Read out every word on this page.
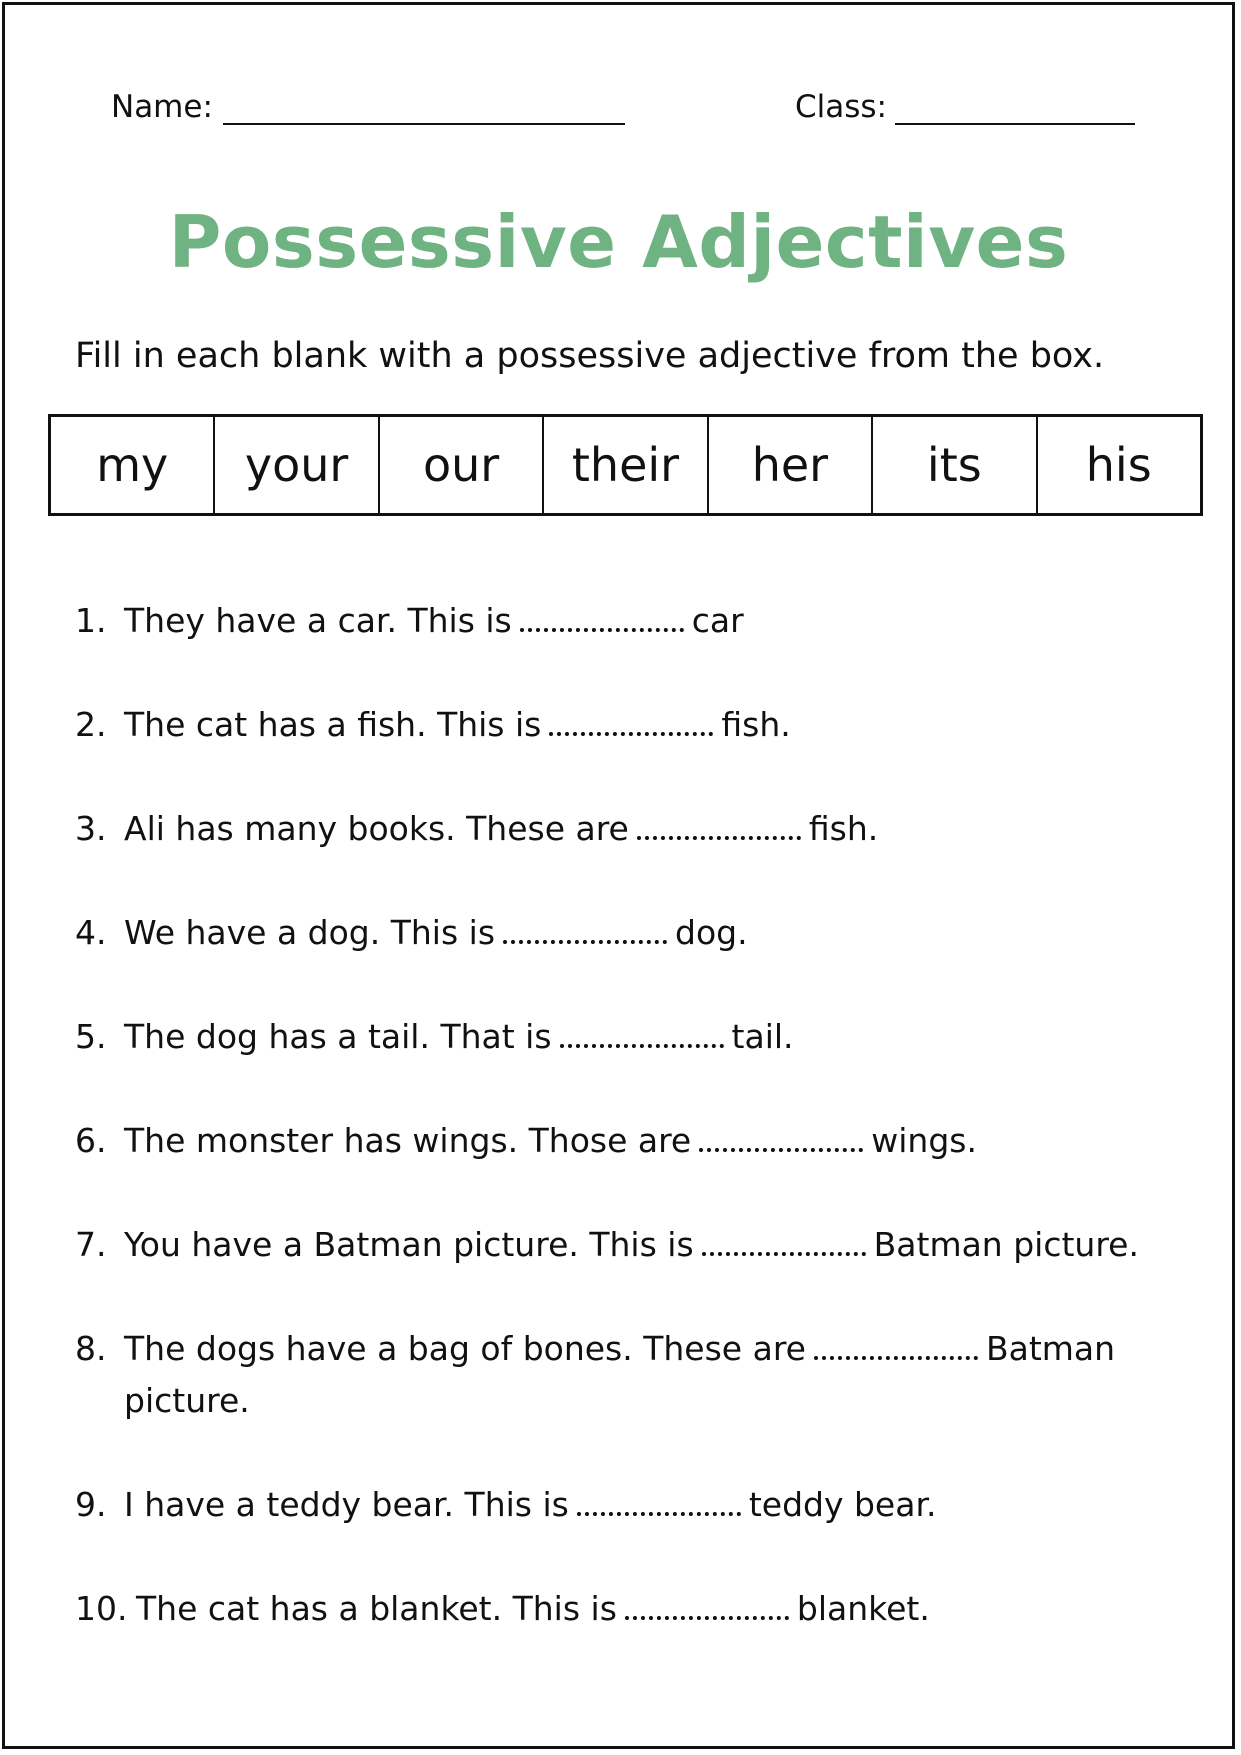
Name:	Class:
Possessive Adjectives
Fill in each blank with a possessive adjective from the box.
my	your	our	their	her	its	his
1. They have a car. This is	car
2. The cat has a fish. This is	fish.
3. Ali has many books. These are	fish.
4. We have a dog. This is	dog.
5. The dog has a tail. That is	tail.
6. The monster has wings. Those are	wings.
7. You have a Batman picture. This is	Batman picture.
8. The dogs have a bag of bones. These are	Batman picture.
9. I have a teddy bear. This is	teddy bear.
10. The cat has a blanket. This is	blanket.
